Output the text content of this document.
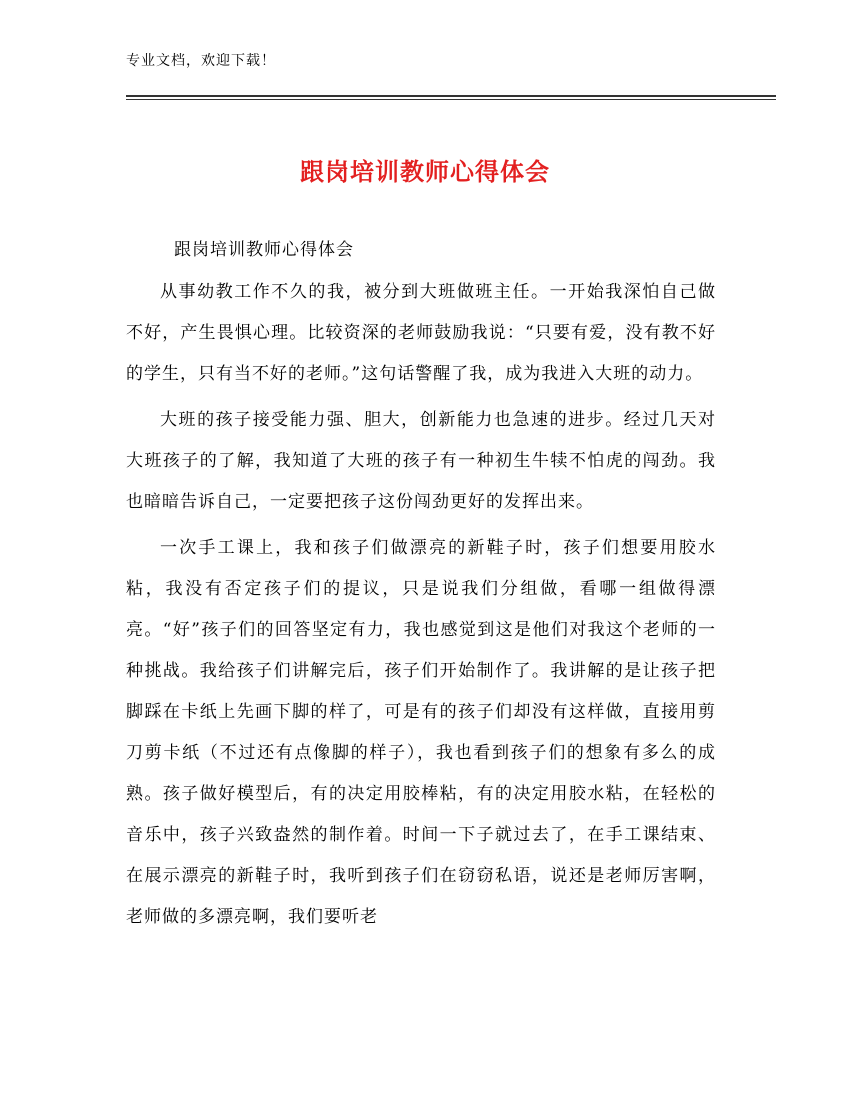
专业文档，欢迎下载！
跟岗培训教师心得体会
跟岗培训教师心得体会

从事幼教工作不久的我，被分到大班做班主任。一开始我深怕自己做不好，产生畏惧心理。比较资深的老师鼓励我说：“只要有爱，没有教不好的学生，只有当不好的老师。”这句话警醒了我，成为我进入大班的动力。

大班的孩子接受能力强、胆大，创新能力也急速的进步。经过几天对大班孩子的了解，我知道了大班的孩子有一种初生牛犊不怕虎的闯劲。我也暗暗告诉自己，一定要把孩子这份闯劲更好的发挥出来。

一次手工课上，我和孩子们做漂亮的新鞋子时，孩子们想要用胶水粘，我没有否定孩子们的提议，只是说我们分组做，看哪一组做得漂亮。“好”孩子们的回答坚定有力，我也感觉到这是他们对我这个老师的一种挑战。我给孩子们讲解完后，孩子们开始制作了。我讲解的是让孩子把脚踩在卡纸上先画下脚的样了，可是有的孩子们却没有这样做，直接用剪刀剪卡纸（不过还有点像脚的样子），我也看到孩子们的想象有多么的成熟。孩子做好模型后，有的决定用胶棒粘，有的决定用胶水粘，在轻松的音乐中，孩子兴致盎然的制作着。时间一下子就过去了，在手工课结束、在展示漂亮的新鞋子时，我听到孩子们在窃窃私语，说还是老师厉害啊，老师做的多漂亮啊，我们要听老
